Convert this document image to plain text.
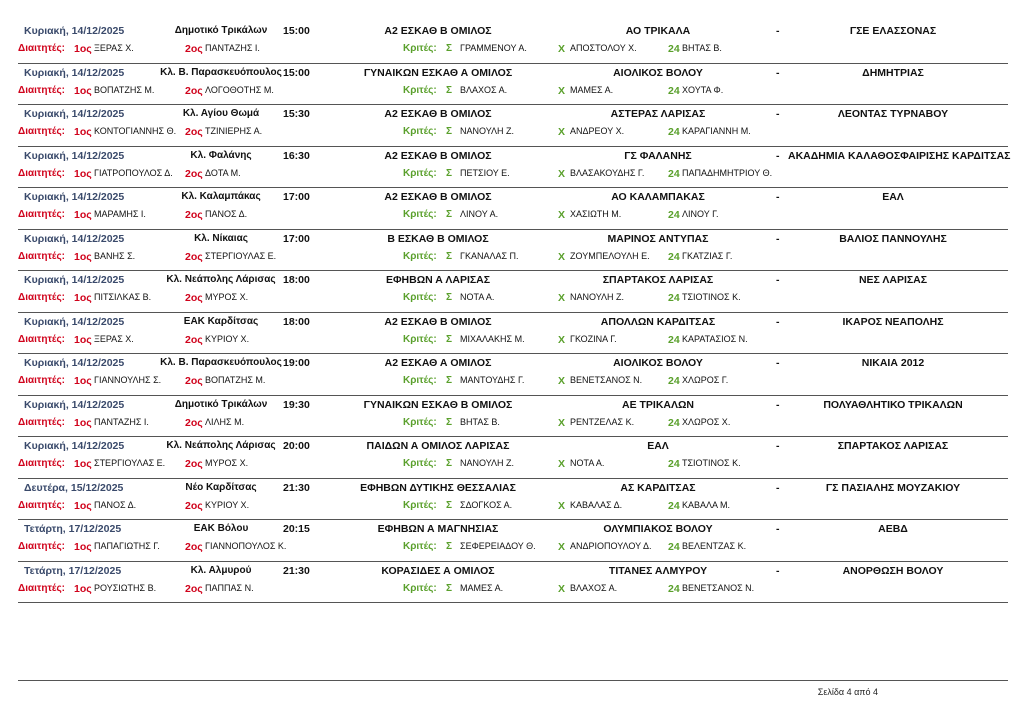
Κυριακή, 14/12/2025	Δημοτικό Τρικάλων	15:00	Α2 ΕΣΚΑΘ Β ΟΜΙΛΟΣ	ΑΟ ΤΡΙΚΑΛΑ	-	ΓΣΕ ΕΛΑΣΣΟΝΑΣ
Διαιτητές: 1ος ΞΕΡΑΣ Χ.	2ος ΠΑΝΤΑΖΗΣ Ι.	Κριτές: Σ ΓΡΑΜΜΕΝΟΥ Α.	Χ ΑΠΟΣΤΟΛΟΥ Χ.	24 ΒΗΤΑΣ Β.
Κυριακή, 14/12/2025	Κλ. Β. Παρασκευόπουλος 15:00	ΓΥΝΑΙΚΩΝ ΕΣΚΑΘ Α ΟΜΙΛΟΣ	ΑΙΟΛΙΚΟΣ ΒΟΛΟΥ	-	ΔΗΜΗΤΡΙΑΣ
Διαιτητές: 1ος ΒΟΠΑΤΖΗΣ Μ.	2ος ΛΟΓΟΘΟΤΗΣ Μ.	Κριτές: Σ ΒΛΑΧΟΣ Α.	Χ ΜΑΜΕΣ Α.	24 ΧΟΥΤΑ Φ.
Κυριακή, 14/12/2025	Κλ. Αγίου Θωμά	15:30	Α2 ΕΣΚΑΘ Β ΟΜΙΛΟΣ	ΑΣΤΕΡΑΣ ΛΑΡΙΣΑΣ	-	ΛΕΟΝΤΑΣ ΤΥΡΝΑΒΟΥ
Διαιτητές: 1ος ΚΟΝΤΟΓΙΑΝΝΗΣ Θ. 2ος ΤΖΙΝΙΕΡΗΣ Α.	Κριτές: Σ ΝΑΝΟΥΛΗ Ζ.	Χ ΑΝΔΡΕΟΥ Χ.	24 ΚΑΡΑΓΙΑΝΝΗ Μ.
Κυριακή, 14/12/2025	Κλ. Φαλάνης	16:30	Α2 ΕΣΚΑΘ Β ΟΜΙΛΟΣ	ΓΣ ΦΑΛΑΝΗΣ	- ΑΚΑΔΗΜΙΑ ΚΑΛΑΘΟΣΦΑΙΡΙΣΗΣ ΚΑΡΔΙΤΣΑΣ
Διαιτητές: 1ος ΓΙΑΤΡΟΠΟΥΛΟΣ Δ. 2ος ΔΟΤΑ Μ.	Κριτές: Σ ΠΕΤΣΙΟΥ Ε.	Χ ΒΛΑΣΑΚΟΥΔΗΣ Γ. 24 ΠΑΠΑΔΗΜΗΤΡΙΟΥ Θ.
Κυριακή, 14/12/2025	Κλ. Καλαμπάκας	17:00	Α2 ΕΣΚΑΘ Β ΟΜΙΛΟΣ	ΑΟ ΚΑΛΑΜΠΑΚΑΣ	-	ΕΑΛ
Διαιτητές: 1ος ΜΑΡΑΜΗΣ Ι.	2ος ΠΑΝΟΣ Δ.	Κριτές: Σ ΛΙΝΟΥ Α.	Χ ΧΑΣΙΩΤΗ Μ.	24 ΛΙΝΟΥ Γ.
Κυριακή, 14/12/2025	Κλ. Νίκαιας	17:00	Β ΕΣΚΑΘ Β ΟΜΙΛΟΣ	ΜΑΡΙΝΟΣ ΑΝΤΥΠΑΣ	-	ΒΑΛΙΟΣ ΠΑΝΝΟΥΛΗΣ
Διαιτητές: 1ος ΒΑΝΗΣ Σ.	2ος ΣΤΕΡΓΙΟΥΛΑΣ Ε.	Κριτές: Σ ΓΚΑΝΑΛΑΣ Π.	Χ ΖΟΥΜΠΕΛΟΥΛΗ Ε. 24 ΓΚΑΤΖΙΑΣ Γ.
Κυριακή, 14/12/2025	Κλ. Νεάπολης Λάρισας 18:00	ΕΦΗΒΩΝ Α ΛΑΡΙΣΑΣ	ΣΠΑΡΤΑΚΟΣ ΛΑΡΙΣΑΣ	-	ΝΕΣ ΛΑΡΙΣΑΣ
Διαιτητές: 1ος ΠΙΤΣΙΛΚΑΣ Β.	2ος ΜΥΡΟΣ Χ.	Κριτές: Σ ΝΟΤΑ Α.	Χ ΝΑΝΟΥΛΗ Ζ.	24 ΤΣΙΟΤΙΝΟΣ Κ.
Κυριακή, 14/12/2025	ΕΑΚ Καρδίτσας	18:00	Α2 ΕΣΚΑΘ Β ΟΜΙΛΟΣ	ΑΠΟΛΛΩΝ ΚΑΡΔΙΤΣΑΣ	-	ΙΚΑΡΟΣ ΝΕΑΠΟΛΗΣ
Διαιτητές: 1ος ΞΕΡΑΣ Χ.	2ος ΚΥΡΙΟΥ Χ.	Κριτές: Σ ΜΙΧΑΛΑΚΗΣ Μ.	Χ ΓΚΟΖΙΝΑ Γ.	24 ΚΑΡΑΤΑΣΙΟΣ Ν.
Κυριακή, 14/12/2025	Κλ. Β. Παρασκευόπουλος 19:00	Α2 ΕΣΚΑΘ Α ΟΜΙΛΟΣ	ΑΙΟΛΙΚΟΣ ΒΟΛΟΥ	-	ΝΙΚΑΙΑ 2012
Διαιτητές: 1ος ΓΙΑΝΝΟΥΛΗΣ Σ. 2ος ΒΟΠΑΤΖΗΣ Μ.	Κριτές: Σ ΜΑΝΤΟΥΔΗΣ Γ.	Χ ΒΕΝΕΤΣΑΝΟΣ Ν. 24 ΧΛΩΡΟΣ Γ.
Κυριακή, 14/12/2025	Δημοτικό Τρικάλων	19:30	ΓΥΝΑΙΚΩΝ ΕΣΚΑΘ Β ΟΜΙΛΟΣ	ΑΕ ΤΡΙΚΑΛΩΝ	-	ΠΟΛΥΑΘΛΗΤΙΚΟ ΤΡΙΚΑΛΩΝ
Διαιτητές: 1ος ΠΑΝΤΑΖΗΣ Ι.	2ος ΛΙΛΗΣ Μ.	Κριτές: Σ ΒΗΤΑΣ Β.	Χ ΡΕΝΤΖΕΛΑΣ Κ.	24 ΧΛΩΡΟΣ Χ.
Κυριακή, 14/12/2025	Κλ. Νεάπολης Λάρισας 20:00	ΠΑΙΔΩΝ Α ΟΜΙΛΟΣ ΛΑΡΙΣΑΣ	ΕΑΛ	-	ΣΠΑΡΤΑΚΟΣ ΛΑΡΙΣΑΣ
Διαιτητές: 1ος ΣΤΕΡΓΙΟΥΛΑΣ Ε. 2ος ΜΥΡΟΣ Χ.	Κριτές: Σ ΝΑΝΟΥΛΗ Ζ.	Χ ΝΟΤΑ Α.	24 ΤΣΙΟΤΙΝΟΣ Κ.
Δευτέρα, 15/12/2025	Νέο Καρδίτσας	21:30	ΕΦΗΒΩΝ ΔΥΤΙΚΗΣ ΘΕΣΣΑΛΙΑΣ	ΑΣ ΚΑΡΔΙΤΣΑΣ	-	ΓΣ ΠΑΣΙΑΛΗΣ ΜΟΥΖΑΚΙΟΥ
Διαιτητές: 1ος ΠΑΝΟΣ Δ.	2ος ΚΥΡΙΟΥ Χ.	Κριτές: Σ ΣΔΟΓΚΟΣ Α.	Χ ΚΑΒΑΛΑΣ Δ.	24 ΚΑΒΑΛΑ Μ.
Τετάρτη, 17/12/2025	ΕΑΚ Βόλου	20:15	ΕΦΗΒΩΝ Α ΜΑΓΝΗΣΙΑΣ	ΟΛΥΜΠΙΑΚΟΣ ΒΟΛΟΥ	-	ΑΕΒΔ
Διαιτητές: 1ος ΠΑΠΑΓΙΩΤΗΣ Γ. 2ος ΓΙΑΝΝΟΠΟΥΛΟΣ Κ.	Κριτές: Σ ΣΕΦΕΡΕΙΑΔΟΥ Θ. Χ ΑΝΔΡΙΟΠΟΥΛΟΥ Δ. 24 ΒΕΛΕΝΤΖΑΣ Κ.
Τετάρτη, 17/12/2025	Κλ. Αλμυρού	21:30	ΚΟΡΑΣΙΔΕΣ Α ΟΜΙΛΟΣ	ΤΙΤΑΝΕΣ ΑΛΜΥΡΟΥ	-	ΑΝΟΡΘΩΣΗ ΒΟΛΟΥ
Διαιτητές: 1ος ΡΟΥΣΙΩΤΗΣ Β.	2ος ΠΑΠΠΑΣ Ν.	Κριτές: Σ ΜΑΜΕΣ Α.	Χ ΒΛΑΧΟΣ Α.	24 ΒΕΝΕΤΣΑΝΟΣ Ν.
Σελίδα 4 από 4
